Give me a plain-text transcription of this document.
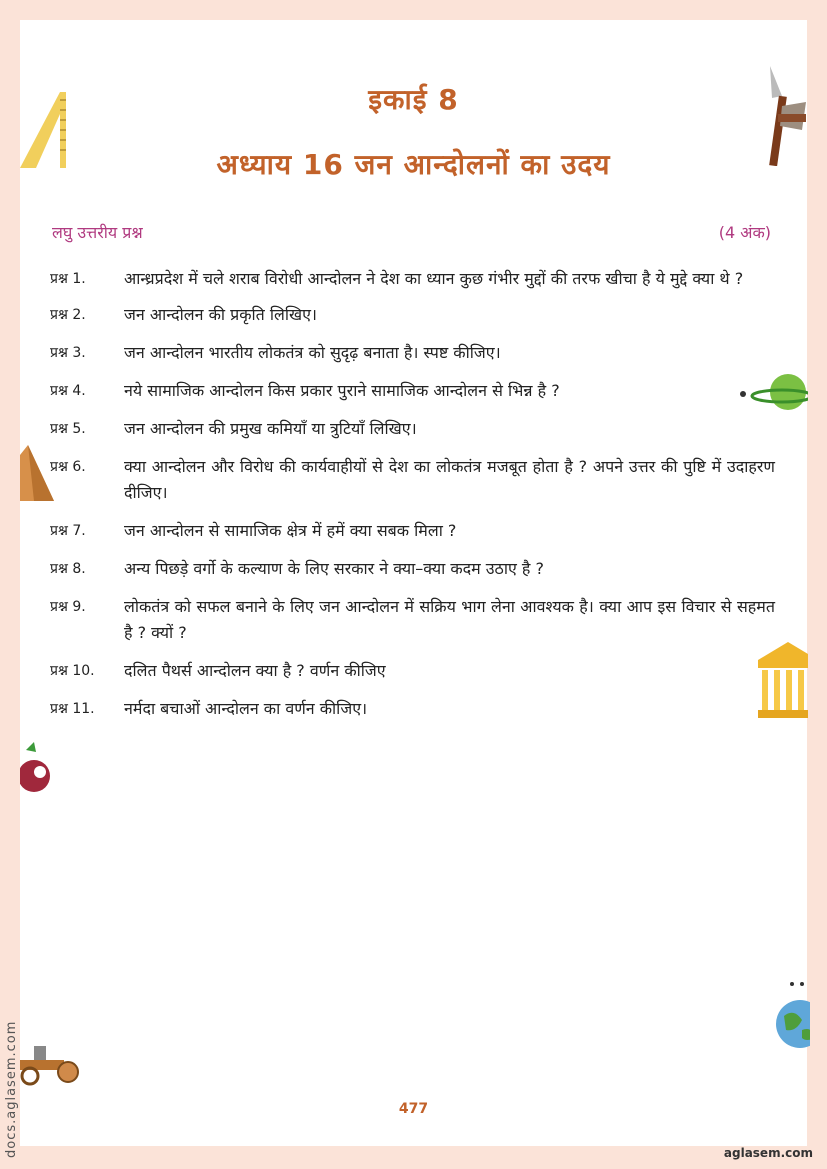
इकाई 8
अध्याय 16 जन आन्दोलनों का उदय
लघु उत्तरीय प्रश्न	(4 अंक)
प्रश्न 1.	आन्ध्रप्रदेश में चले शराब विरोधी आन्दोलन ने देश का ध्यान कुछ गंभीर मुद्दों की तरफ खीचा है ये मुद्दे क्या थे ?
प्रश्न 2.	जन आन्दोलन की प्रकृति लिखिए।
प्रश्न 3.	जन आन्दोलन भारतीय लोकतंत्र को सुदृढ़ बनाता है। स्पष्ट कीजिए।
प्रश्न 4.	नये सामाजिक आन्दोलन किस प्रकार पुराने सामाजिक आन्दोलन से भिन्न है ?
प्रश्न 5.	जन आन्दोलन की प्रमुख कमियाँ या त्रुटियाँ लिखिए।
प्रश्न 6.	क्या आन्दोलन और विरोध की कार्यवाहीयों से देश का लोकतंत्र मजबूत होता है ? अपने उत्तर की पुष्टि में उदाहरण दीजिए।
प्रश्न 7.	जन आन्दोलन से सामाजिक क्षेत्र में हमें क्या सबक मिला ?
प्रश्न 8.	अन्य पिछड़े वर्गो के कल्याण के लिए सरकार ने क्या–क्या कदम उठाए है ?
प्रश्न 9.	लोकतंत्र को सफल बनाने के लिए जन आन्दोलन में सक्रिय भाग लेना आवश्यक है। क्या आप इस विचार से सहमत है ? क्यों ?
प्रश्न 10.	दलित पैथर्स आन्दोलन क्या है ? वर्णन कीजिए
प्रश्न 11.	नर्मदा बचाओं आन्दोलन का वर्णन कीजिए।
477
aglasem.com
docs.aglasem.com
